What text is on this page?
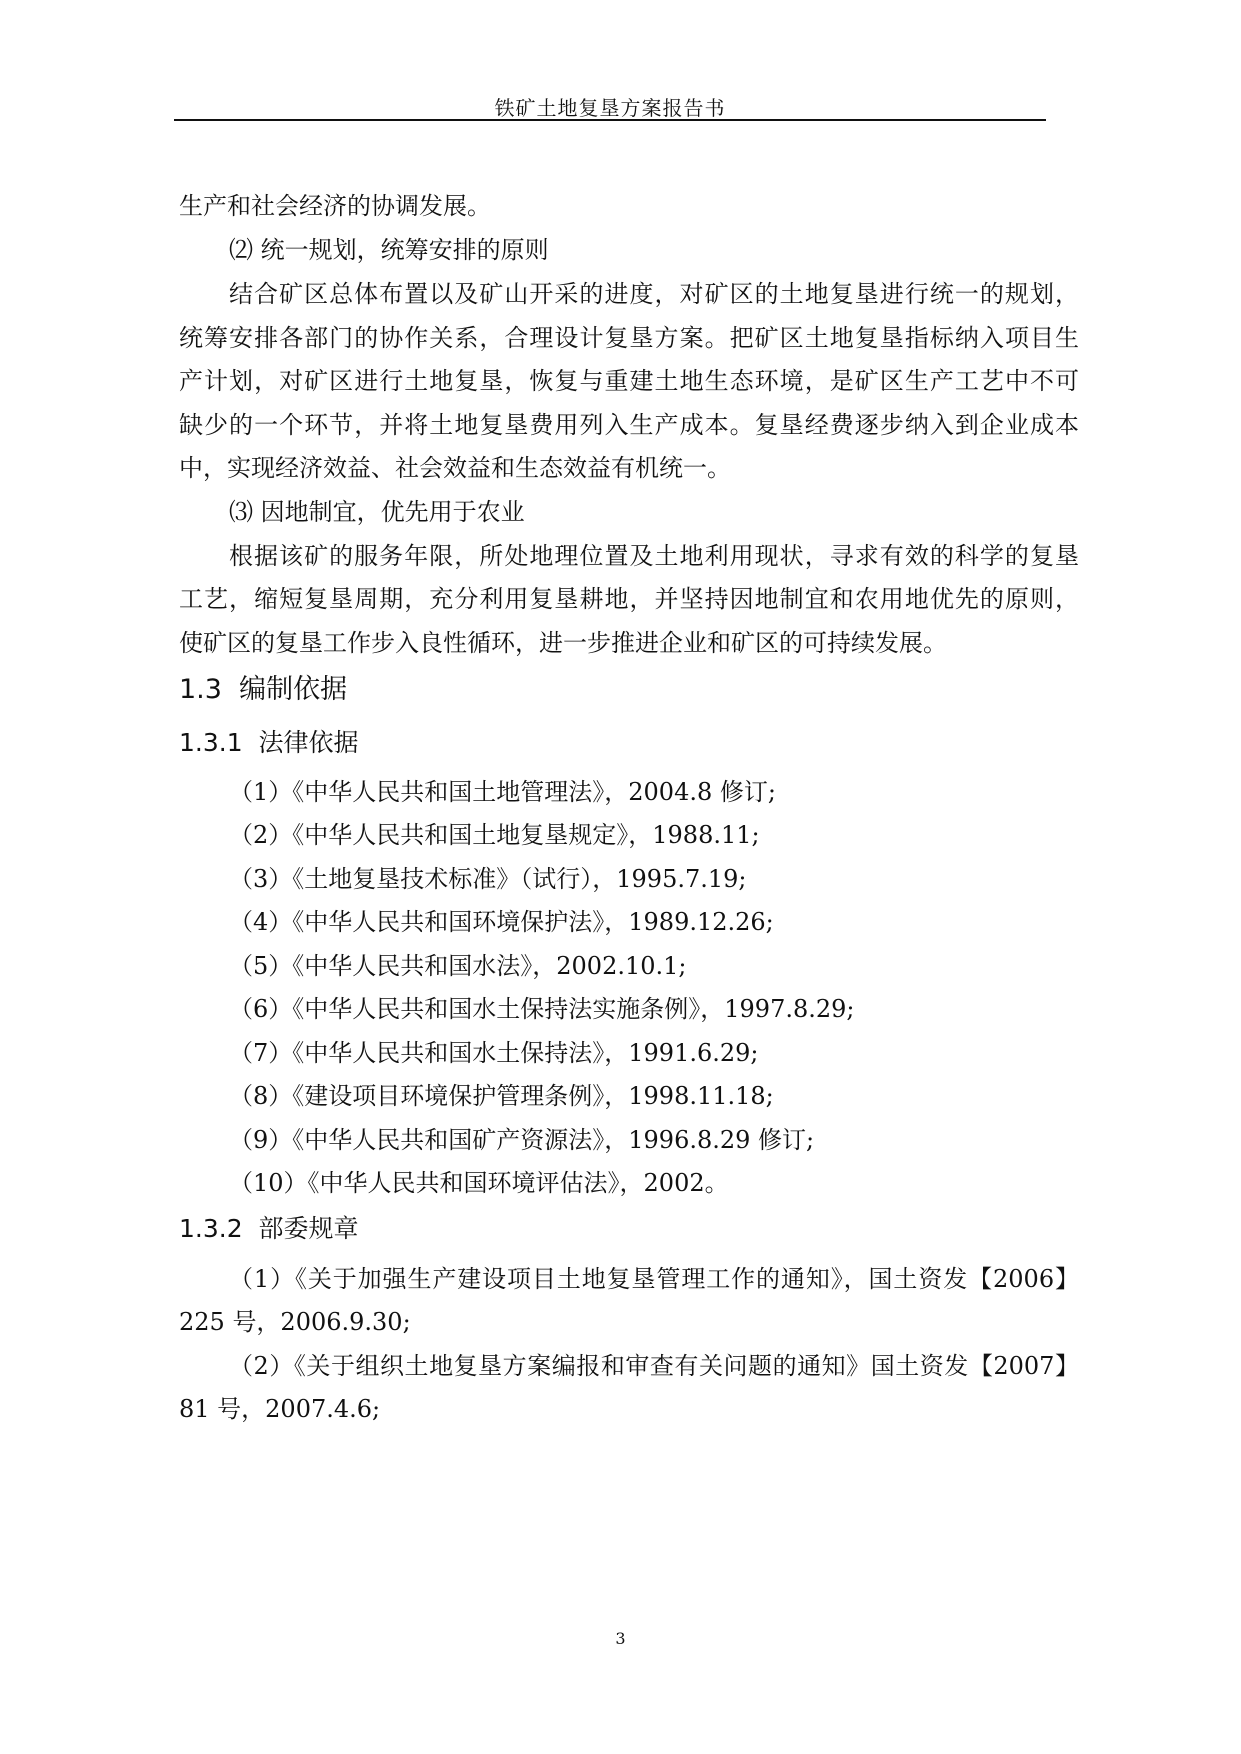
铁矿土地复垦方案报告书
生产和社会经济的协调发展。
⑵ 统一规划，统筹安排的原则
结合矿区总体布置以及矿山开采的进度，对矿区的土地复垦进行统一的规划，
统筹安排各部门的协作关系，合理设计复垦方案。把矿区土地复垦指标纳入项目生
产计划，对矿区进行土地复垦，恢复与重建土地生态环境，是矿区生产工艺中不可
缺少的一个环节，并将土地复垦费用列入生产成本。复垦经费逐步纳入到企业成本
中，实现经济效益、社会效益和生态效益有机统一。
⑶ 因地制宜，优先用于农业
根据该矿的服务年限，所处地理位置及土地利用现状，寻求有效的科学的复垦
工艺，缩短复垦周期，充分利用复垦耕地，并坚持因地制宜和农用地优先的原则，
使矿区的复垦工作步入良性循环，进一步推进企业和矿区的可持续发展。
1.3 编制依据
1.3.1 法律依据
（1）《中华人民共和国土地管理法》，2004.8 修订;
（2）《中华人民共和国土地复垦规定》，1988.11;
（3）《土地复垦技术标准》（试行），1995.7.19;
（4）《中华人民共和国环境保护法》，1989.12.26;
（5）《中华人民共和国水法》，2002.10.1;
（6）《中华人民共和国水土保持法实施条例》，1997.8.29;
（7）《中华人民共和国水土保持法》，1991.6.29;
（8）《建设项目环境保护管理条例》，1998.11.18;
（9）《中华人民共和国矿产资源法》，1996.8.29 修订;
（10）《中华人民共和国环境评估法》，2002。
1.3.2 部委规章
（1）《关于加强生产建设项目土地复垦管理工作的通知》，国土资发【2006】
225 号，2006.9.30;
（2）《关于组织土地复垦方案编报和审查有关问题的通知》国土资发【2007】
81 号，2007.4.6;
3
